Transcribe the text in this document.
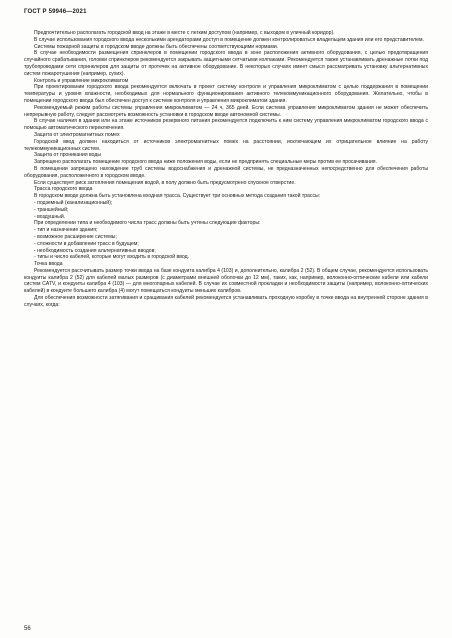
ГОСТ Р 59946—2021
Предпочтительно располагать городской ввод на этаже в месте с легким доступом (например, с выходом в уличный коридор).
В случае использования городского ввода несколькими арендаторами доступ в помещение должен контролироваться владельцем здания или его представителем.
Системы пожарной защиты в городском вводе должны быть обеспечены соответствующими нормами.
В случае необходимости размещения спринклеров в помещении городского ввода в зоне расположения активного оборудования, с целью предотвращения случайного срабатывания, головки спринклеров рекомендуется закрывать защитными сетчатыми колпаками. Рекомендуется также устанавливать дренажные лотки под трубопроводами сети спринклеров для защиты от протечек на активное оборудование. В некоторых случаях имеет смысл рассматривать установку альтернативных систем пожаротушения (например, сухих).
Контроль и управление микроклиматом
При проектировании городского ввода рекомендуется включать в проект систему контроля и управления микроклиматом с целью поддержания в помещении температуры и уровня влажности, необходимых для нормального функционирования активного телекоммуникационного оборудования. Желательно, чтобы в помещении городского ввода был обеспечен доступ к системе контроля и управления микроклиматом здания.
Рекомендуемый режим работы системы управления микроклиматом — 24 ч, 365 дней. Если система управления микроклиматом здания не может обеспечить непрерывную работу, следует рассмотреть возможность установки в городском вводе автономной системы.
В случае наличия в здании или на этаже источников резервного питания рекомендуется подключить к ним систему управления микроклиматом городского ввода с помощью автоматического переключения.
Защита от электромагнитных помех
Городской ввод должен находиться от источников электромагнитных помех на расстоянии, исключающем их отрицательное влияние на работу телекоммуникационных систем.
Защита от проникания воды
Запрещено располагать помещение городского ввода ниже положения воды, если не предпринять специальные меры против ее просачивания.
В помещении запрещено нахождение труб системы водоснабжения и дренажной системы, не предназначенных непосредственно для обеспечения работы оборудования, расположенного в городском вводе.
Если существует риск затопления помещения водой, в полу должно быть предусмотрено спускное отверстие.
Трасса городского ввода
В городском вводе должна быть установлена входная трасса. Существует три основных метода создания такой трассы:
- подземный (канализационный);
- траншейный;
- воздушный.
При определении типа и необходимого числа трасс должны быть учтены следующие факторы:
- тип и назначение здания;
- возможное расширение системы;
- сложности в добавлении трасс в будущем;
- необходимость создания альтернативных вводов;
- типы и число кабелей, которые могут входить в городской ввод.
Точка ввода
Рекомендуется рассчитывать размер точки ввода на базе кондуита калибра 4 (103) и, дополнительно, калибра 2 (52). В общем случае, рекомендуется использовать кондуиты калибра 2 (52) для кабелей малых размеров (с диаметрами внешней оболочки до 12 мм), таких, как, например, волоконно-оптические кабели или кабели систем CATV, и кондуиты калибра 4 (103) — для многопарных кабелей. В случае их совместной прокладки и необходимости защиты (например, волоконно-оптических кабелей) в кондуите большего калибра (4) могут помещаться кондуиты меньших калибров.
Для обеспечения возможности затягивания и сращивания кабелей рекомендуется устанавливать проходную коробку в точке ввода на внутренней стороне здания в случаях, когда:
56
